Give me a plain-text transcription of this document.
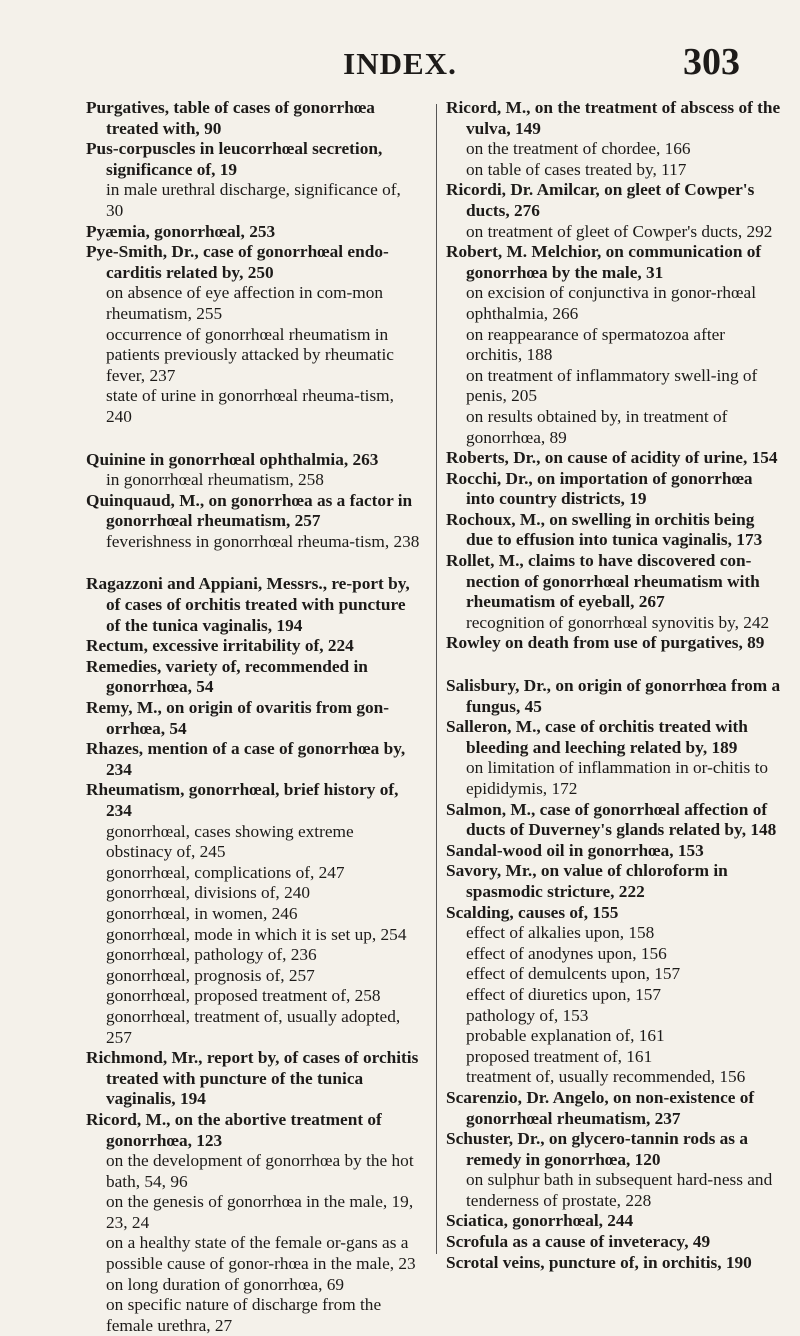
INDEX.	303
Purgatives, table of cases of gonorrhœa treated with, 90
Pus-corpuscles in leucorrhœal secretion, significance of, 19
in male urethral discharge, significance of, 30
Pyæmia, gonorrhœal, 253
Pye-Smith, Dr., case of gonorrhœal endo-carditis related by, 250
on absence of eye affection in com-mon rheumatism, 255
occurrence of gonorrhœal rheumatism in patients previously attacked by rheumatic fever, 237
state of urine in gonorrhœal rheuma-tism, 240
Quinine in gonorrhœal ophthalmia, 263
in gonorrhœal rheumatism, 258
Quinquaud, M., on gonorrhœa as a factor in gonorrhœal rheumatism, 257
feverishness in gonorrhœal rheuma-tism, 238
Ragazzoni and Appiani, Messrs., re-port by, of cases of orchitis treated with puncture of the tunica vaginalis, 194
Rectum, excessive irritability of, 224
Remedies, variety of, recommended in gonorrhœa, 54
Remy, M., on origin of ovaritis from gon-orrhœa, 54
Rhazes, mention of a case of gonorrhœa by, 234
Rheumatism, gonorrhœal, brief history of, 234
gonorrhœal, cases showing extreme obstinacy of, 245
gonorrhœal, complications of, 247
gonorrhœal, divisions of, 240
gonorrhœal, in women, 246
gonorrhœal, mode in which it is set up, 254
gonorrhœal, pathology of, 236
gonorrhœal, prognosis of, 257
gonorrhœal, proposed treatment of, 258
gonorrhœal, treatment of, usually adopted, 257
Richmond, Mr., report by, of cases of orchitis treated with puncture of the tunica vaginalis, 194
Ricord, M., on the abortive treatment of gonorrhœa, 123
on the development of gonorrhœa by the hot bath, 54, 96
on the genesis of gonorrhœa in the male, 19, 23, 24
on a healthy state of the female or-gans as a possible cause of gonor-rhœa in the male, 23
on long duration of gonorrhœa, 69
on specific nature of discharge from the female urethra, 27
Ricord, M., on the treatment of abscess of the vulva, 149
on the treatment of chordee, 166
on table of cases treated by, 117
Ricordi, Dr. Amilcar, on gleet of Cowper's ducts, 276
on treatment of gleet of Cowper's ducts, 292
Robert, M. Melchior, on communication of gonorrhœa by the male, 31
on excision of conjunctiva in gonor-rhœal ophthalmia, 266
on reappearance of spermatozoa after orchitis, 188
on treatment of inflammatory swell-ing of penis, 205
on results obtained by, in treatment of gonorrhœa, 89
Roberts, Dr., on cause of acidity of urine, 154
Rocchi, Dr., on importation of gonorrhœa into country districts, 19
Rochoux, M., on swelling in orchitis being due to effusion into tunica vaginalis, 173
Rollet, M., claims to have discovered con-nection of gonorrhœal rheumatism with rheumatism of eyeball, 267
recognition of gonorrhœal synovitis by, 242
Rowley on death from use of purgatives, 89
Salisbury, Dr., on origin of gonorrhœa from a fungus, 45
Salleron, M., case of orchitis treated with bleeding and leeching related by, 189
on limitation of inflammation in or-chitis to epididymis, 172
Salmon, M., case of gonorrhœal affection of ducts of Duverney's glands related by, 148
Sandal-wood oil in gonorrhœa, 153
Savory, Mr., on value of chloroform in spasmodic stricture, 222
Scalding, causes of, 155
effect of alkalies upon, 158
effect of anodynes upon, 156
effect of demulcents upon, 157
effect of diuretics upon, 157
pathology of, 153
probable explanation of, 161
proposed treatment of, 161
treatment of, usually recommended, 156
Scarenzio, Dr. Angelo, on non-existence of gonorrhœal rheumatism, 237
Schuster, Dr., on glycero-tannin rods as a remedy in gonorrhœa, 120
on sulphur bath in subsequent hard-ness and tenderness of prostate, 228
Sciatica, gonorrhœal, 244
Scrofula as a cause of inveteracy, 49
Scrotal veins, puncture of, in orchitis, 190
